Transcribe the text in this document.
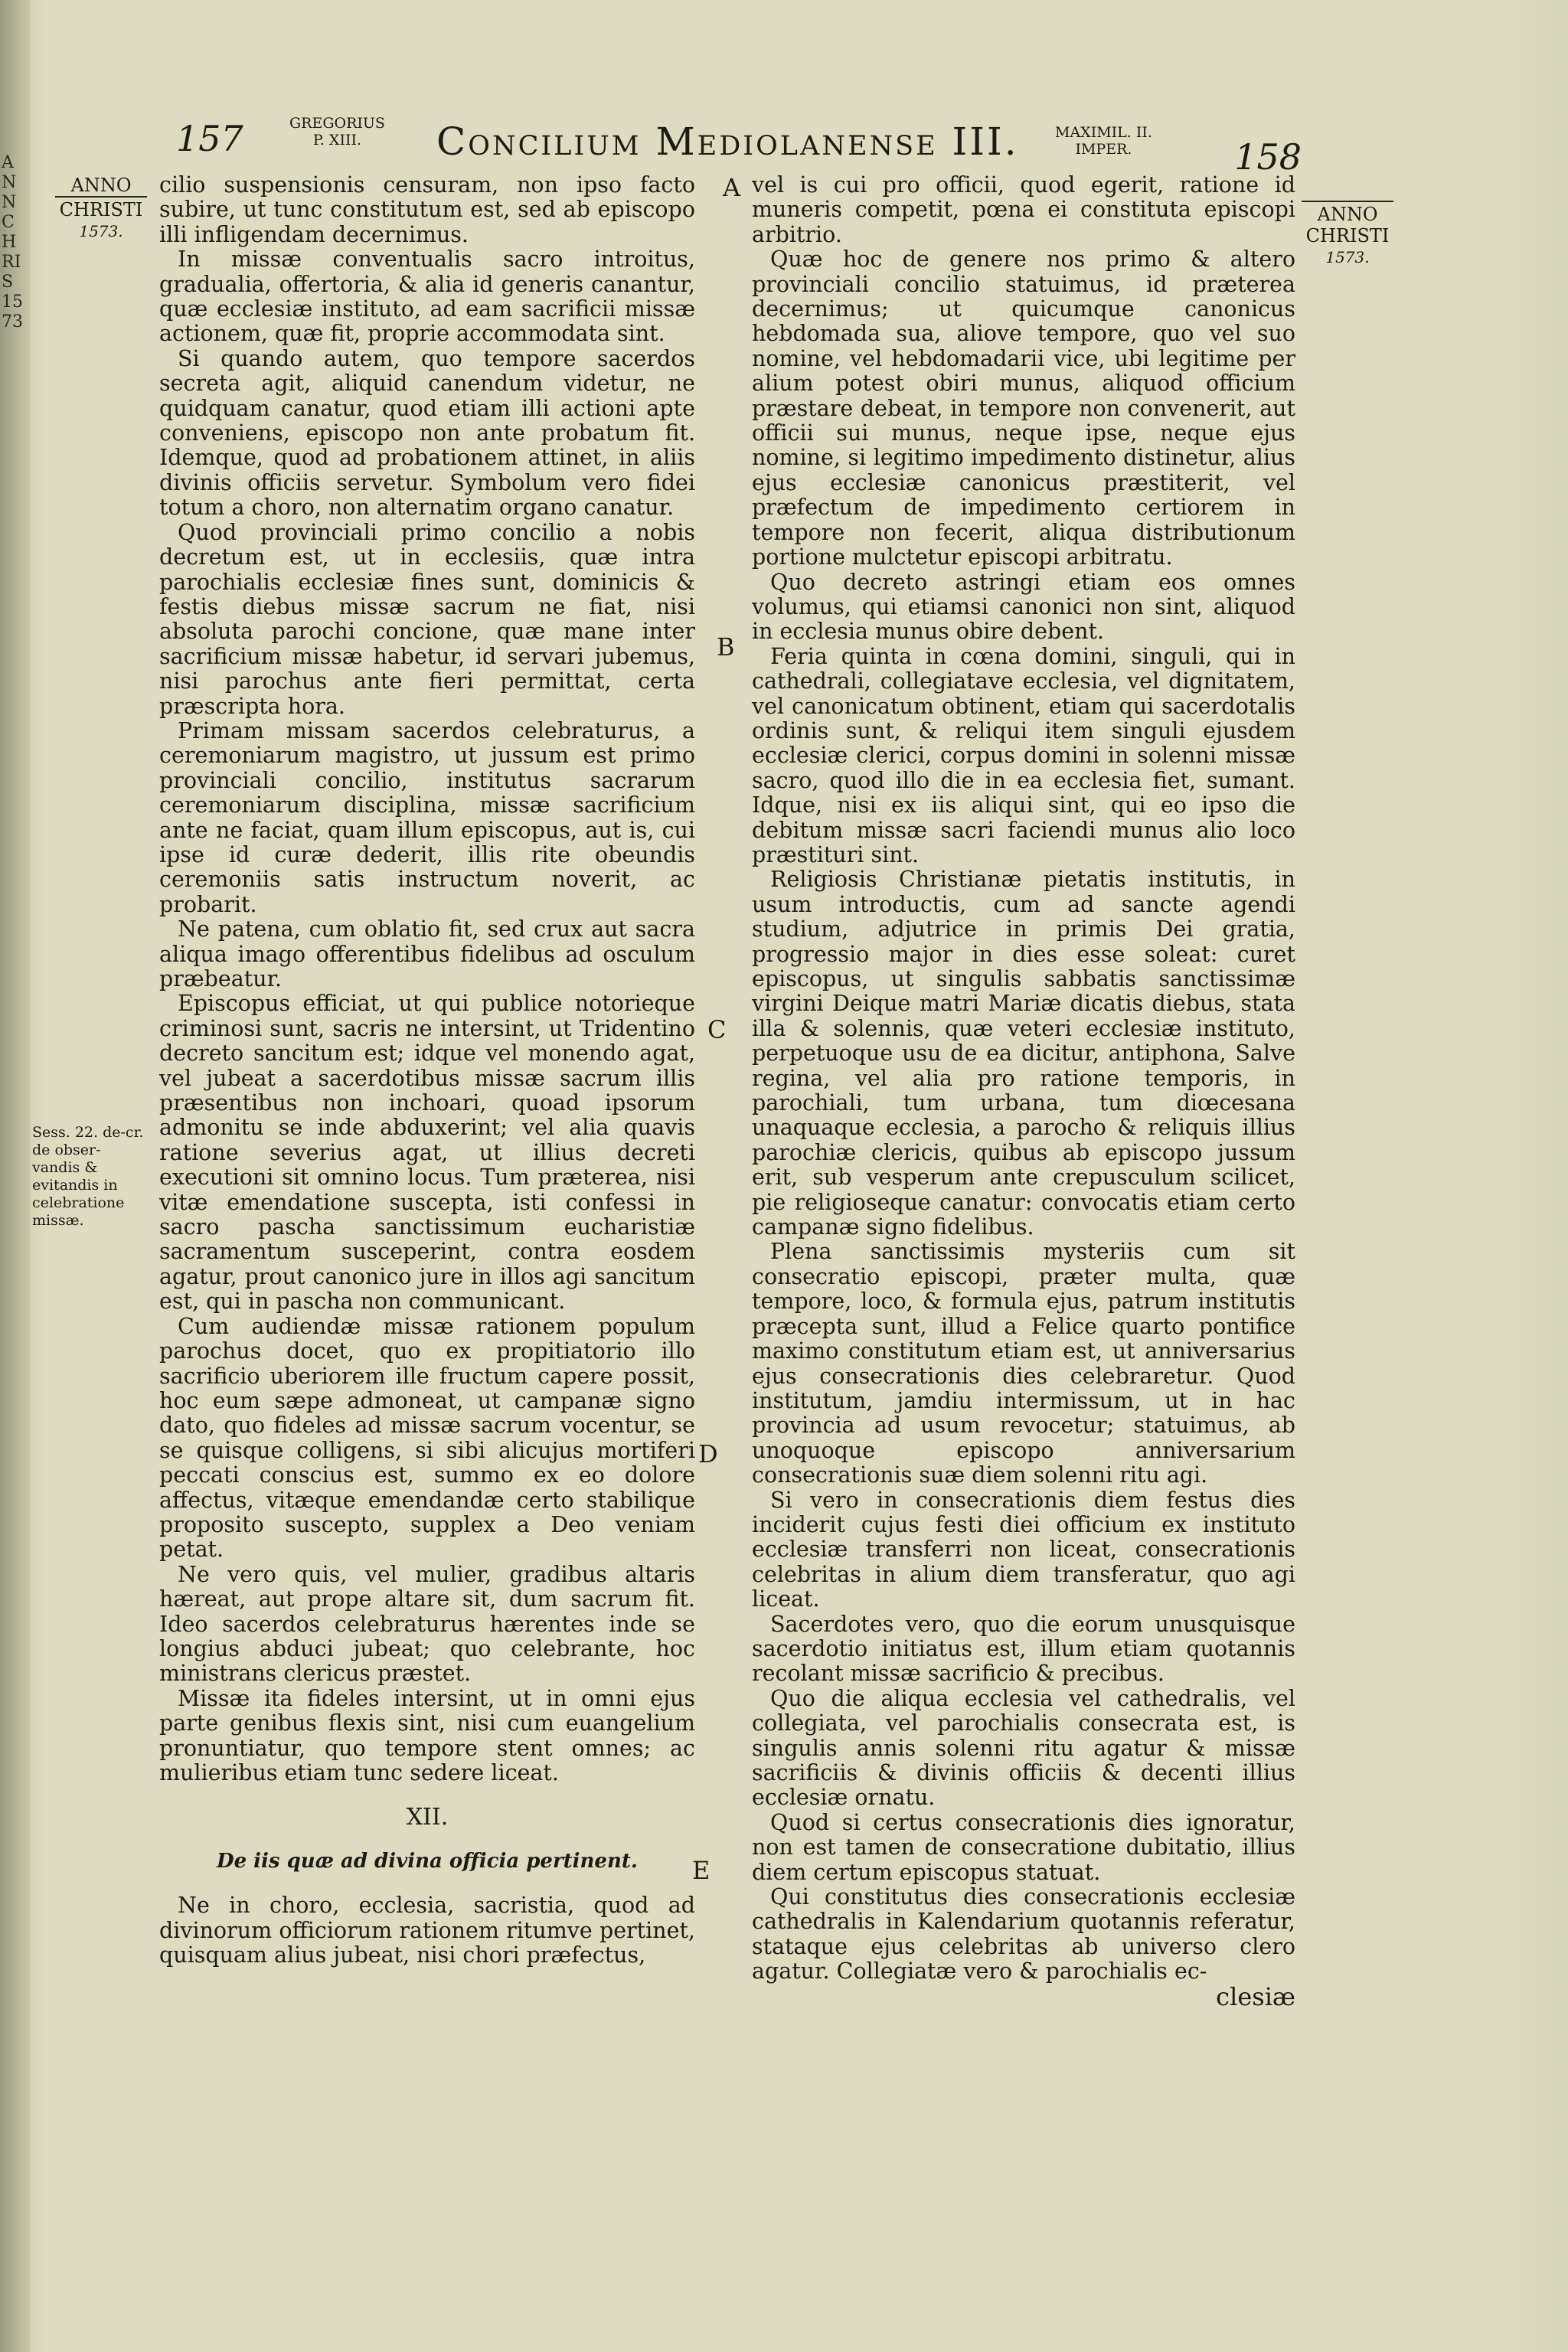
ANN CHRIS 1573
157	GREGORIUS
P. XIII.	Concilium Mediolanense III. MAXIMIL. II.
IMPER.	158
ANNO
CHRISTI
1573.
ANNO
CHRISTI
1573.
Sess. 22. de-cr. de obser-vandis & evitandis in celebratione missæ.
A
B
C
D
E

cilio suspensionis censuram, non ipso facto subire, ut tunc constitutum est, sed ab episcopo illi infligendam decernimus.

In missæ conventualis sacro introitus, gradualia, offertoria, & alia id generis canantur, quæ ecclesiæ instituto, ad eam sacrificii missæ actionem, quæ fit, proprie accommodata sint.

Si quando autem, quo tempore sacerdos secreta agit, aliquid canendum videtur, ne quidquam canatur, quod etiam illi actioni apte conveniens, episcopo non ante probatum fit. Idemque, quod ad probationem attinet, in aliis divinis officiis servetur. Symbolum vero fidei totum a choro, non alternatim organo canatur.

Quod provinciali primo concilio a nobis decretum est, ut in ecclesiis, quæ intra parochialis ecclesiæ fines sunt, dominicis & festis diebus missæ sacrum ne fiat, nisi absoluta parochi concione, quæ mane inter sacrificium missæ habetur, id servari jubemus, nisi parochus ante fieri permittat, certa præscripta hora.

Primam missam sacerdos celebraturus, a ceremoniarum magistro, ut jussum est primo provinciali concilio, institutus sacrarum ceremoniarum disciplina, missæ sacrificium ante ne faciat, quam illum episcopus, aut is, cui ipse id curæ dederit, illis rite obeundis ceremoniis satis instructum noverit, ac probarit.

Ne patena, cum oblatio fit, sed crux aut sacra aliqua imago offerentibus fidelibus ad osculum præbeatur.

Episcopus efficiat, ut qui publice notorieque criminosi sunt, sacris ne intersint, ut Tridentino decreto sancitum est; idque vel monendo agat, vel jubeat a sacerdotibus missæ sacrum illis præsentibus non inchoari, quoad ipsorum admonitu se inde abduxerint; vel alia quavis ratione severius agat, ut illius decreti executioni sit omnino locus. Tum præterea, nisi vitæ emendatione suscepta, isti confessi in sacro pascha sanctissimum eucharistiæ sacramentum susceperint, contra eosdem agatur, prout canonico jure in illos agi sancitum est, qui in pascha non communicant.

Cum audiendæ missæ rationem populum parochus docet, quo ex propitiatorio illo sacrificio uberiorem ille fructum capere possit, hoc eum sæpe admoneat, ut campanæ signo dato, quo fideles ad missæ sacrum vocentur, se se quisque colligens, si sibi alicujus mortiferi peccati conscius est, summo ex eo dolore affectus, vitæque emendandæ certo stabilique proposito suscepto, supplex a Deo veniam petat.

Ne vero quis, vel mulier, gradibus altaris hæreat, aut prope altare sit, dum sacrum fit. Ideo sacerdos celebraturus hærentes inde se longius abduci jubeat; quo celebrante, hoc ministrans clericus præstet.

Missæ ita fideles intersint, ut in omni ejus parte genibus flexis sint, nisi cum euangelium pronuntiatur, quo tempore stent omnes; ac mulieribus etiam tunc sedere liceat.

XII.

De iis quæ ad divina officia pertinent.

Ne in choro, ecclesia, sacristia, quod ad divinorum officiorum rationem ritumve pertinet, quisquam alius jubeat, nisi chori præfectus,

vel is cui pro officii, quod egerit, ratione id muneris competit, pœna ei constituta episcopi arbitrio.

Quæ hoc de genere nos primo & altero provinciali concilio statuimus, id præterea decernimus; ut quicumque canonicus hebdomada sua, aliove tempore, quo vel suo nomine, vel hebdomadarii vice, ubi legitime per alium potest obiri munus, aliquod officium præstare debeat, in tempore non convenerit, aut officii sui munus, neque ipse, neque ejus nomine, si legitimo impedimento distinetur, alius ejus ecclesiæ canonicus præstiterit, vel præfectum de impedimento certiorem in tempore non fecerit, aliqua distributionum portione mulctetur episcopi arbitratu.

Quo decreto astringi etiam eos omnes volumus, qui etiamsi canonici non sint, aliquod in ecclesia munus obire debent.

Feria quinta in cœna domini, singuli, qui in cathedrali, collegiatave ecclesia, vel dignitatem, vel canonicatum obtinent, etiam qui sacerdotalis ordinis sunt, & reliqui item singuli ejusdem ecclesiæ clerici, corpus domini in solenni missæ sacro, quod illo die in ea ecclesia fiet, sumant. Idque, nisi ex iis aliqui sint, qui eo ipso die debitum missæ sacri faciendi munus alio loco præstituri sint.

Religiosis Christianæ pietatis institutis, in usum introductis, cum ad sancte agendi studium, adjutrice in primis Dei gratia, progressio major in dies esse soleat: curet episcopus, ut singulis sabbatis sanctissimæ virgini Deique matri Mariæ dicatis diebus, stata illa & solennis, quæ veteri ecclesiæ instituto, perpetuoque usu de ea dicitur, antiphona, Salve regina, vel alia pro ratione temporis, in parochiali, tum urbana, tum diœcesana unaquaque ecclesia, a parocho & reliquis illius parochiæ clericis, quibus ab episcopo jussum erit, sub vesperum ante crepusculum scilicet, pie religioseque canatur: convocatis etiam certo campanæ signo fidelibus.

Plena sanctissimis mysteriis cum sit consecratio episcopi, præter multa, quæ tempore, loco, & formula ejus, patrum institutis præcepta sunt, illud a Felice quarto pontifice maximo constitutum etiam est, ut anniversarius ejus consecrationis dies celebraretur. Quod institutum, jamdiu intermissum, ut in hac provincia ad usum revocetur; statuimus, ab unoquoque episcopo anniversarium consecrationis suæ diem solenni ritu agi.

Si vero in consecrationis diem festus dies inciderit cujus festi diei officium ex instituto ecclesiæ transferri non liceat, consecrationis celebritas in alium diem transferatur, quo agi liceat.

Sacerdotes vero, quo die eorum unusquisque sacerdotio initiatus est, illum etiam quotannis recolant missæ sacrificio & precibus.

Quo die aliqua ecclesia vel cathedralis, vel collegiata, vel parochialis consecrata est, is singulis annis solenni ritu agatur & missæ sacrificiis & divinis officiis & decenti illius ecclesiæ ornatu.

Quod si certus consecrationis dies ignoratur, non est tamen de consecratione dubitatio, illius diem certum episcopus statuat.

Qui constitutus dies consecrationis ecclesiæ cathedralis in Kalendarium quotannis referatur, stataque ejus celebritas ab universo clero agatur. Collegiatæ vero & parochialis ec-

clesiæ
